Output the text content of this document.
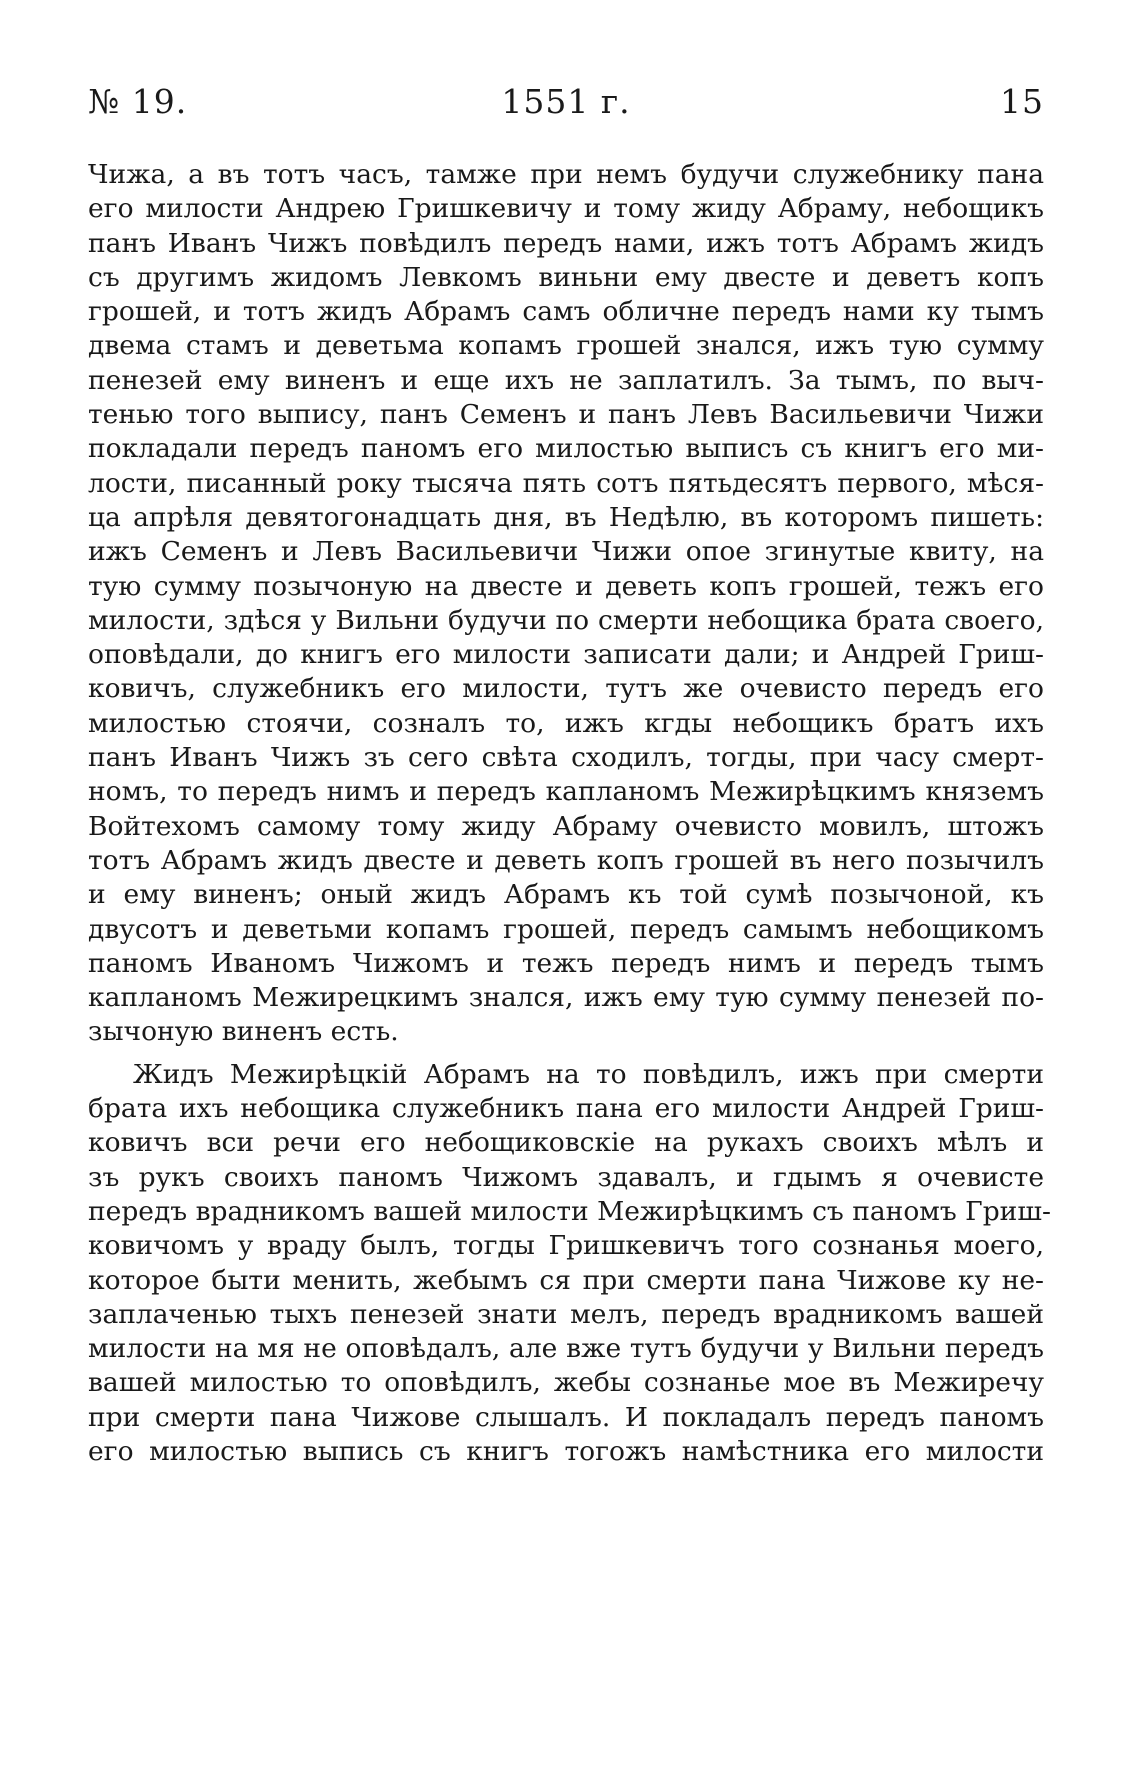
№ 19.	1551 г.	15
Чижа, а въ тотъ часъ, тамже при немъ будучи служебнику пана
его милости Андрею Гришкевичу и тому жиду Абраму, небощикъ
панъ Иванъ Чижъ повѣдилъ передъ нами, ижъ тотъ Абрамъ жидъ
съ другимъ жидомъ Левкомъ виньни ему двесте и деветъ копъ
грошей, и тотъ жидъ Абрамъ самъ обличне передъ нами ку тымъ
двема стамъ и деветьма копамъ грошей знался, ижъ тую сумму
пенезей ему виненъ и еще ихъ не заплатилъ. За тымъ, по выч-
тенью того выпису, панъ Семенъ и панъ Левъ Васильевичи Чижи
покладали передъ паномъ его милостью выписъ съ книгъ его ми-
лости, писанный року тысяча пять сотъ пятьдесятъ первого, мѣся-
ца апрѣля девятогонадцать дня, въ Недѣлю, въ которомъ пишеть:
ижъ Семенъ и Левъ Васильевичи Чижи опое згинутые квиту, на
тую сумму позычоную на двесте и деветь копъ грошей, тежъ его
милости, здѣся у Вильни будучи по смерти небощика брата своего,
оповѣдали, до книгъ его милости записати дали; и Андрей Гриш-
ковичъ, служебникъ его милости, тутъ же очевисто передъ его
милостью стоячи, созналъ то, ижъ кгды небощикъ братъ ихъ
панъ Иванъ Чижъ зъ сего свѣта сходилъ, тогды, при часу смерт-
номъ, то передъ нимъ и передъ капланомъ Межирѣцкимъ княземъ
Войтехомъ самому тому жиду Абраму очевисто мовилъ, штожъ
тотъ Абрамъ жидъ двесте и деветь копъ грошей въ него позычилъ
и ему виненъ; оный жидъ Абрамъ къ той сумѣ позычоной, къ
двусотъ и деветьми копамъ грошей, передъ самымъ небощикомъ
паномъ Иваномъ Чижомъ и тежъ передъ нимъ и передъ тымъ
капланомъ Межирецкимъ знался, ижъ ему тую сумму пенезей по-
зычоную виненъ есть.
Жидъ Межирѣцкій Абрамъ на то повѣдилъ, ижъ при смерти
брата ихъ небощика служебникъ пана его милости Андрей Гриш-
ковичъ вси речи его небощиковскіе на рукахъ своихъ мѣлъ и
зъ рукъ своихъ паномъ Чижомъ здавалъ, и гдымъ я очевисте
передъ врадникомъ вашей милости Межирѣцкимъ съ паномъ Гриш-
ковичомъ у враду былъ, тогды Гришкевичъ того сознанья моего,
которое быти менить, жебымъ ся при смерти пана Чижове ку не-
заплаченью тыхъ пенезей знати мелъ, передъ врадникомъ вашей
милости на мя не оповѣдалъ, але вже тутъ будучи у Вильни передъ
вашей милостью то оповѣдилъ, жебы сознанье мое въ Межиречу
при смерти пана Чижове слышалъ. И покладалъ передъ паномъ
его милостью выпись съ книгъ тогожъ намѣстника его милости
